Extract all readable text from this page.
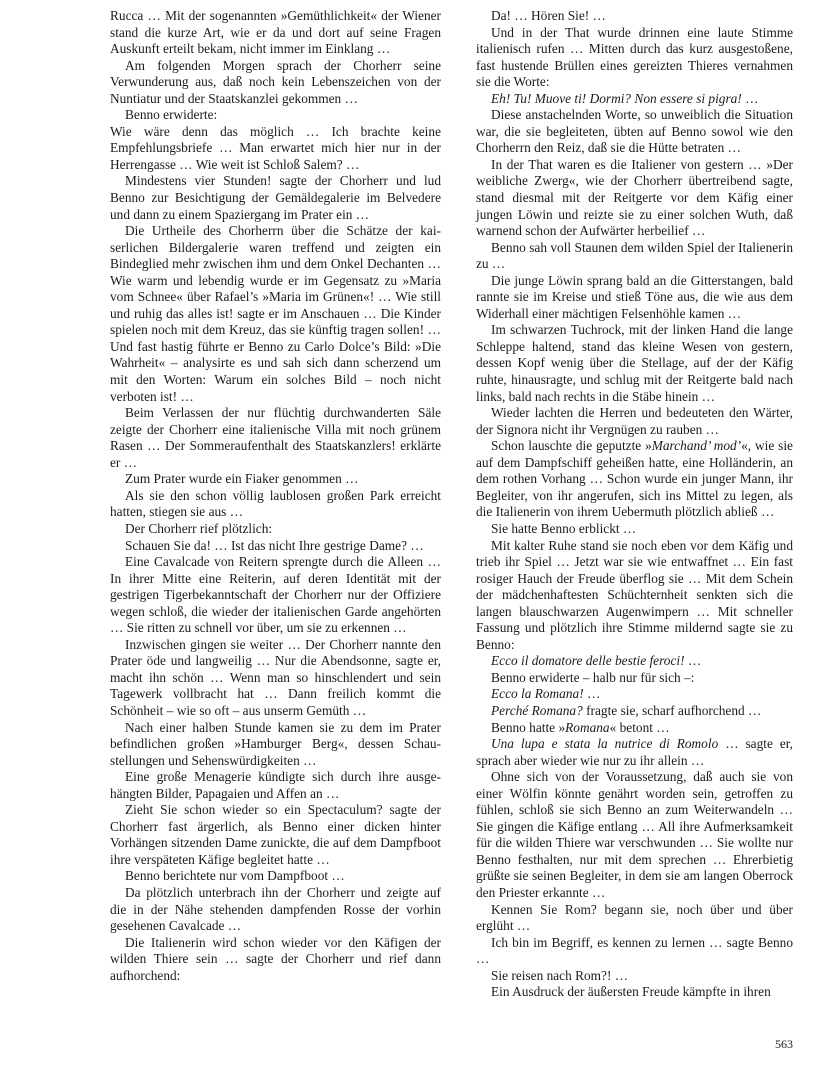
Rucca … Mit der sogenannten »Gemüthlichkeit« der Wiener stand die kurze Art, wie er da und dort auf seine Fragen Auskunft erteilt bekam, nicht immer im Einklang …

Am folgenden Morgen sprach der Chorherr seine Verwunderung aus, daß noch kein Lebenszeichen von der Nuntiatur und der Staatskanzlei gekommen …

Benno erwiderte:

Wie wäre denn das möglich … Ich brachte keine Empfehlungsbriefe … Man erwartet mich hier nur in der Herrengasse … Wie weit ist Schloß Salem? …

Mindestens vier Stunden! sagte der Chorherr und lud Benno zur Besichtigung der Gemäldegalerie im Belvedere und dann zu einem Spaziergang im Prater ein …

Die Urtheile des Chorherrn über die Schätze der kaiserlichen Bildergalerie waren treffend und zeigten ein Bindeglied mehr zwischen ihm und dem Onkel Dechanten … Wie warm und lebendig wurde er im Gegensatz zu »Maria vom Schnee« über Rafael’s »Maria im Grünen«! … Wie still und ruhig das alles ist! sagte er im Anschauen … Die Kinder spielen noch mit dem Kreuz, das sie künftig tragen sollen! … Und fast hastig führte er Benno zu Carlo Dolce’s Bild: »Die Wahrheit« – analysirte es und sah sich dann scherzend um mit den Worten: Warum ein solches Bild – noch nicht verboten ist! …

Beim Verlassen der nur flüchtig durchwanderten Säle zeigte der Chorherr eine italienische Villa mit noch grünem Rasen … Der Sommeraufenthalt des Staatskanzlers! erklärte er …

Zum Prater wurde ein Fiaker genommen …

Als sie den schon völlig laublosen großen Park erreicht hatten, stiegen sie aus …

Der Chorherr rief plötzlich:

Schauen Sie da! … Ist das nicht Ihre gestrige Dame? …

Eine Cavalcade von Reitern sprengte durch die Alleen … In ihrer Mitte eine Reiterin, auf deren Identität mit der gestrigen Tigerbekanntschaft der Chorherr nur der Offiziere wegen schloß, die wieder der italienischen Garde angehörten … Sie ritten zu schnell vor über, um sie zu erkennen …

Inzwischen gingen sie weiter … Der Chorherr nannte den Prater öde und langweilig … Nur die Abendsonne, sagte er, macht ihn schön … Wenn man so hinschlendert und sein Tagewerk vollbracht hat … Dann freilich kommt die Schönheit – wie so oft – aus unserm Gemüth …

Nach einer halben Stunde kamen sie zu dem im Prater befindlichen großen »Hamburger Berg«, dessen Schaustellungen und Sehenswürdigkeiten …

Eine große Menagerie kündigte sich durch ihre ausgehängten Bilder, Papagaien und Affen an …

Zieht Sie schon wieder so ein Spectaculum? sagte der Chorherr fast ärgerlich, als Benno einer dicken hinter Vorhängen sitzenden Dame zunickte, die auf dem Dampfboot ihre verspäteten Käfige begleitet hatte …

Benno berichtete nur vom Dampfboot …

Da plötzlich unterbrach ihn der Chorherr und zeigte auf die in der Nähe stehenden dampfenden Rosse der vorhin gesehenen Cavalcade …

Die Italienerin wird schon wieder vor den Käfigen der wilden Thiere sein … sagte der Chorherr und rief dann aufhorchend:

Da! … Hören Sie! …

Und in der That wurde drinnen eine laute Stimme italienisch rufen … Mitten durch das kurz ausgestoßene, fast hustende Brüllen eines gereizten Thieres vernahmen sie die Worte:

Eh! Tu! Muove ti! Dormi? Non essere si pigra! …

Diese anstachelnden Worte, so unweiblich die Situation war, die sie begleiteten, übten auf Benno sowol wie den Chorherrn den Reiz, daß sie die Hütte betraten …

In der That waren es die Italiener von gestern … »Der weibliche Zwerg«, wie der Chorherr übertreibend sagte, stand diesmal mit der Reitgerte vor dem Käfig einer jungen Löwin und reizte sie zu einer solchen Wuth, daß warnend schon der Aufwärter herbeilief …

Benno sah voll Staunen dem wilden Spiel der Italienerin zu …

Die junge Löwin sprang bald an die Gitterstangen, bald rannte sie im Kreise und stieß Töne aus, die wie aus dem Widerhall einer mächtigen Felsenhöhle kamen …

Im schwarzen Tuchrock, mit der linken Hand die lange Schleppe haltend, stand das kleine Wesen von gestern, dessen Kopf wenig über die Stellage, auf der der Käfig ruhte, hinausragte, und schlug mit der Reitgerte bald nach links, bald nach rechts in die Stäbe hinein …

Wieder lachten die Herren und bedeuteten den Wärter, der Signora nicht ihr Vergnügen zu rauben …

Schon lauschte die geputzte »Marchand’ mod’«, wie sie auf dem Dampfschiff geheißen hatte, eine Holländerin, an dem rothen Vorhang … Schon wurde ein junger Mann, ihr Begleiter, von ihr angerufen, sich ins Mittel zu legen, als die Italienerin von ihrem Uebermuth plötzlich abließ …

Sie hatte Benno erblickt …

Mit kalter Ruhe stand sie noch eben vor dem Käfig und trieb ihr Spiel … Jetzt war sie wie entwaffnet … Ein fast rosiger Hauch der Freude überflog sie … Mit dem Schein der mädchenhaftesten Schüchternheit senkten sich die langen blauschwarzen Augenwimpern … Mit schneller Fassung und plötzlich ihre Stimme mildernd sagte sie zu Benno:

Ecco il domatore delle bestie feroci! …

Benno erwiderte – halb nur für sich –:

Ecco la Romana! …

Perché Romana? fragte sie, scharf aufhorchend …

Benno hatte »Romana« betont …

Una lupa e stata la nutrice di Romolo … sagte er, sprach aber wieder wie nur zu ihr allein …

Ohne sich von der Voraussetzung, daß auch sie von einer Wölfin könnte genährt worden sein, getroffen zu fühlen, schloß sie sich Benno an zum Weiterwandeln … Sie gingen die Käfige entlang … All ihre Aufmerksamkeit für die wilden Thiere war verschwunden … Sie wollte nur Benno festhalten, nur mit dem sprechen … Ehrerbietig grüßte sie seinen Begleiter, in dem sie am langen Oberrock den Priester erkannte …

Kennen Sie Rom? begann sie, noch über und über erglüht …

Ich bin im Begriff, es kennen zu lernen … sagte Benno …

Sie reisen nach Rom?! …

Ein Ausdruck der äußersten Freude kämpfte in ihren

563
